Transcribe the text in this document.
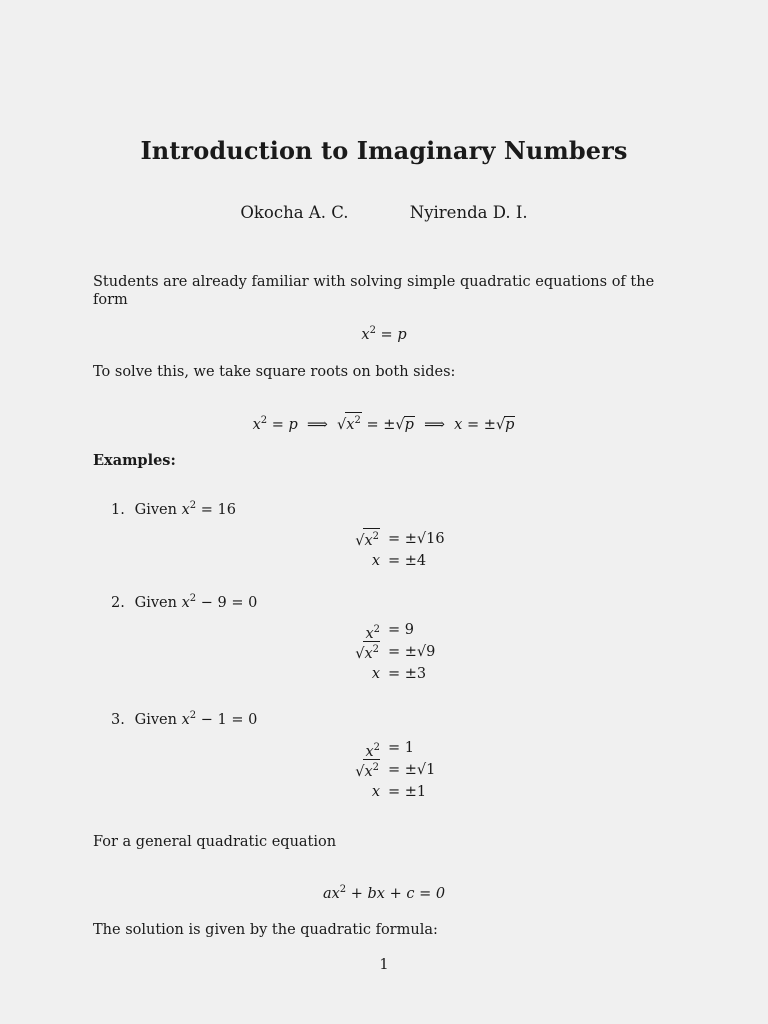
Introduction to Imaginary Numbers
Okocha A. C.	Nyirenda D. I.
Students are already familiar with solving simple quadratic equations of the form
$x^2 = p$
To solve this, we take square roots on both sides:
$x^2 = p$  ⟹  $√x^2 = \pm√p$  ⟹  x = ±√p
Examples:
1. Given $x^2 = 16$
$√x^2 = \pm√16$
x = ±4
2. Given $x^2 - 9 = 0$
$x^2 = 9$
$√x^2 = \pm√9$
x = ±3
3. Given $x^2 - 1 = 0$
$x^2 = 1$
$√x^2 = \pm√1$
x = ±1
For a general quadratic equation
$ax^2$ + bx + c = 0
The solution is given by the quadratic formula:
1
